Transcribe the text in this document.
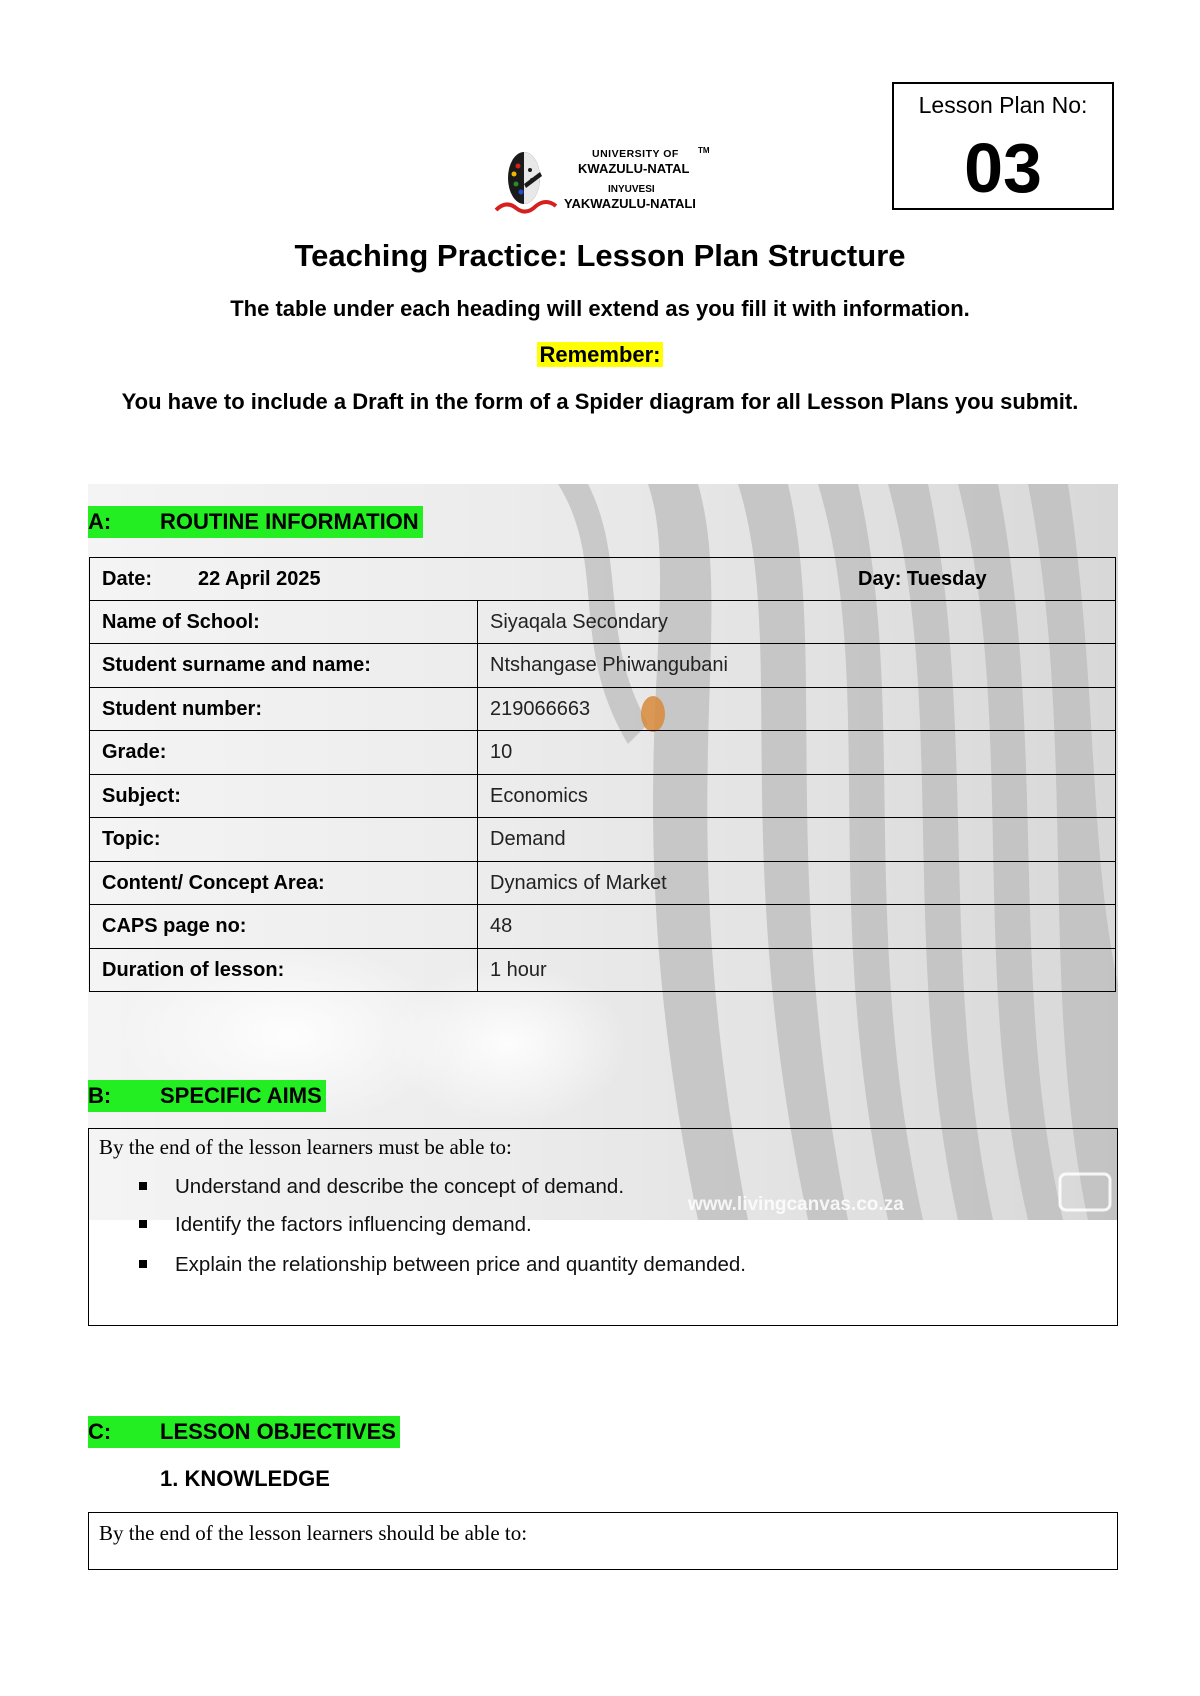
Lesson Plan No:
03
UNIVERSITY OF
KWAZULU-NATAL
INYUVESI
YAKWAZULU-NATALI
TM
Teaching Practice: Lesson Plan Structure
The table under each heading will extend as you fill it with information.
Remember:
You have to include a Draft in the form of a Spider diagram for all Lesson Plans you submit.
www.livingcanvas.co.za
A: ROUTINE INFORMATION
Date: 22 April 2025	Day: Tuesday
Name of School:	Siyaqala Secondary
Student surname and name:	Ntshangase Phiwangubani
Student number:	219066663
Grade:	10
Subject:	Economics
Topic:	Demand
Content/ Concept Area:	Dynamics of Market
CAPS page no:	48
Duration of lesson:	1 hour
B: SPECIFIC AIMS
By the end of the lesson learners must be able to:
Understand and describe the concept of demand.
Identify the factors influencing demand.
Explain the relationship between price and quantity demanded.
C: LESSON OBJECTIVES
1. KNOWLEDGE
By the end of the lesson learners should be able to:
